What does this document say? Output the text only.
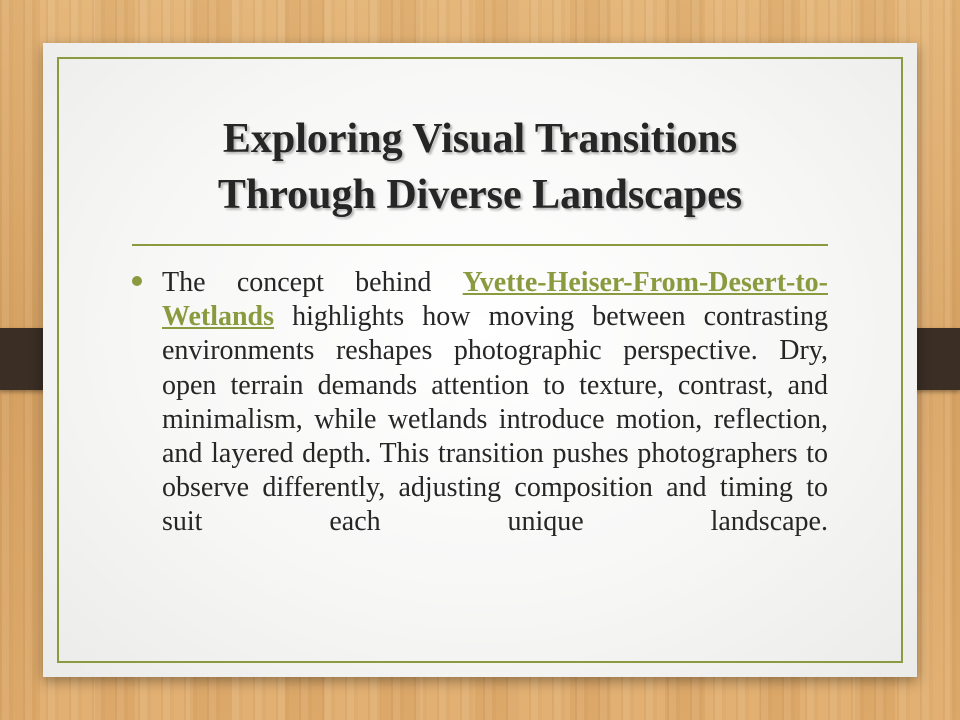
Exploring Visual Transitions
Through Diverse Landscapes

The concept behind Yvette-Heiser-From-Desert-to-Wetlands highlights how moving between contrasting environments reshapes photographic perspective. Dry, open terrain demands attention to texture, contrast, and minimalism, while wetlands introduce motion, reflection, and layered depth. This transition pushes photographers to observe differently, adjusting composition and timing to suit each unique landscape.
